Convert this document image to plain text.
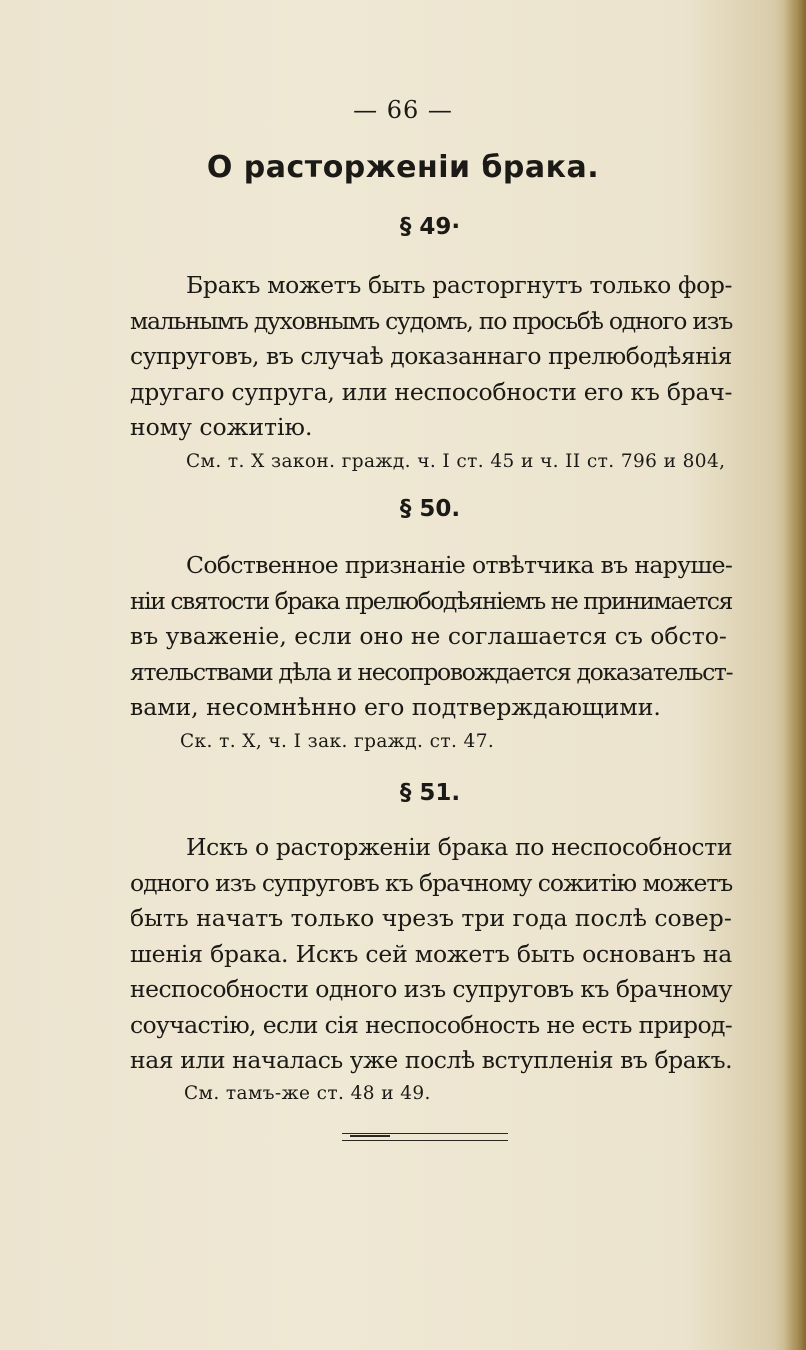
— 66 —
О расторженіи брака.
§ 49·
Бракъ можетъ быть расторгнутъ только фор-
мальнымъ духовнымъ судомъ, по просьбѣ одного изъ
супруговъ, въ случаѣ доказаннаго прелюбодѣянія
другаго супруга, или неспособности его къ брач-
ному сожитію.
См. т. X закон. гражд. ч. I ст. 45 и ч. II ст. 796 и 804,
§ 50.
Собственное признаніе отвѣтчика въ наруше-
ніи святости брака прелюбодѣяніемъ не принимается
въ уваженіе, если оно не соглашается съ обсто-
ятельствами дѣла и несопровождается доказательст-
вами, несомнѣнно его подтверждающими.
Ск. т. X, ч. I зак. гражд. ст. 47.
§ 51.
Искъ о расторженіи брака по неспособности
одного изъ супруговъ къ брачному сожитію можетъ
быть начатъ только чрезъ три года послѣ совер-
шенія брака. Искъ сей можетъ быть основанъ на
неспособности одного изъ супруговъ къ брачному
соучастію, если сія неспособность не есть природ-
ная или началась уже послѣ вступленія въ бракъ.
См. тамъ-же ст. 48 и 49.
